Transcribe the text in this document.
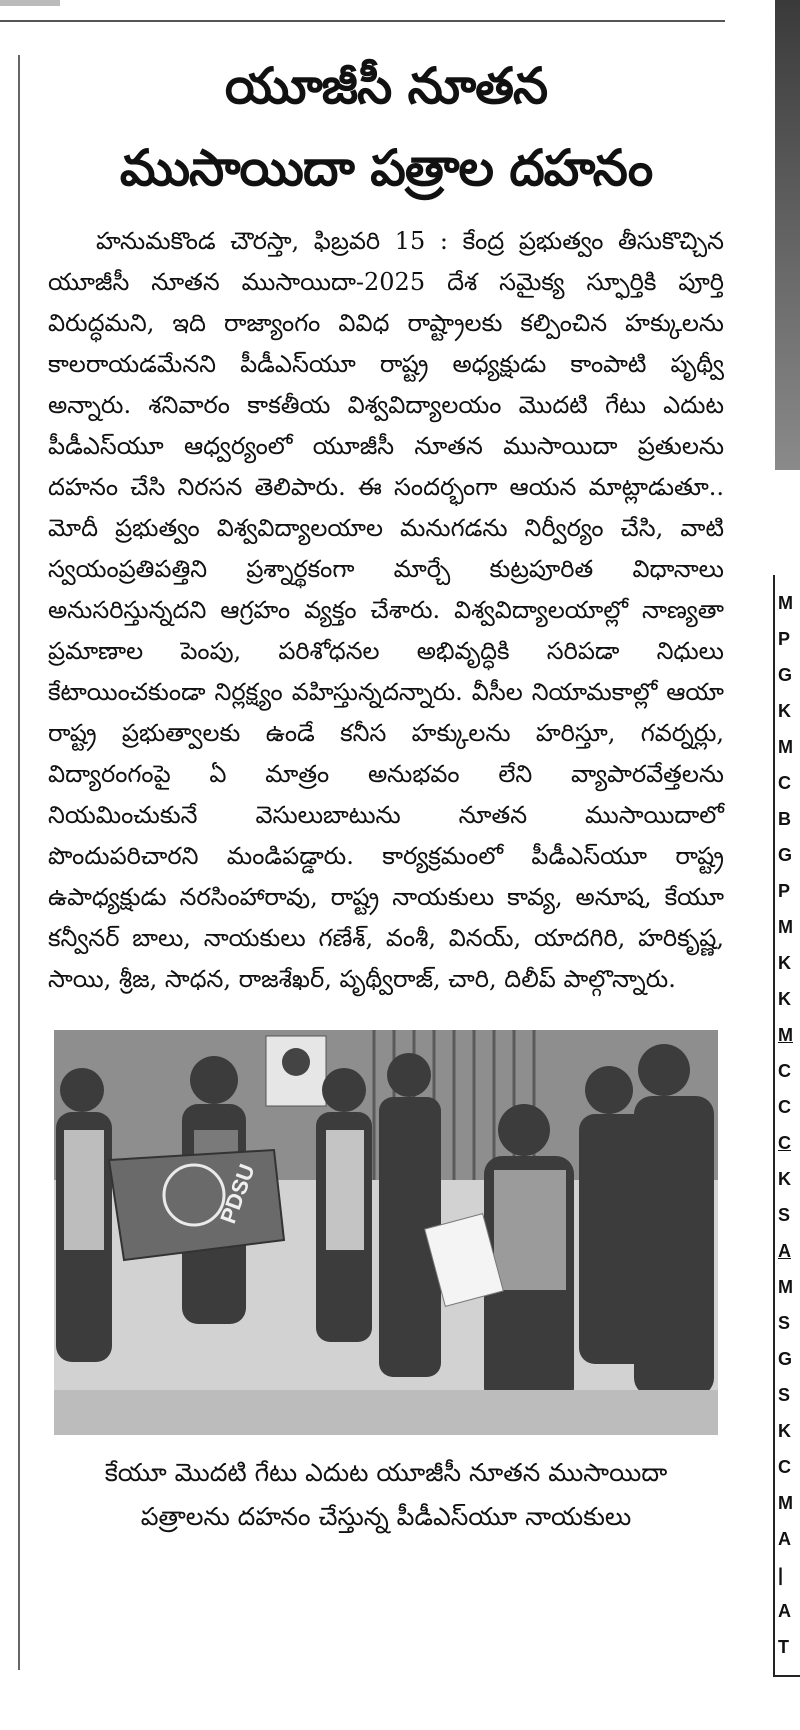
యూజీసీ నూతన
ముసాయిదా పత్రాల దహనం
హనుమకొండ చౌరస్తా, ఫిబ్రవరి 15 : కేంద్ర ప్రభుత్వం తీసుకొచ్చిన యూజీసీ నూతన ముసాయిదా-2025 దేశ సమైక్య స్ఫూర్తికి పూర్తి విరుద్ధమని, ఇది రాజ్యాంగం వివిధ రాష్ట్రాలకు కల్పించిన హక్కులను కాలరాయడమేనని పీడీఎస్‌యూ రాష్ట్ర అధ్యక్షుడు కాంపాటి పృథ్వీ అన్నారు. శనివారం కాకతీయ విశ్వవిద్యాలయం మొదటి గేటు ఎదుట పీడీఎస్‌యూ ఆధ్వర్యంలో యూజీసీ నూతన ముసాయిదా ప్రతులను దహనం చేసి నిరసన తెలిపారు. ఈ సందర్భంగా ఆయన మాట్లాడుతూ.. మోదీ ప్రభుత్వం విశ్వవిద్యాలయాల మనుగడను నిర్వీర్యం చేసి, వాటి స్వయంప్రతిపత్తిని ప్రశ్నార్థకంగా మార్చే కుట్రపూరిత విధానాలు అనుసరిస్తున్నదని ఆగ్రహం వ్యక్తం చేశారు. విశ్వవిద్యాలయాల్లో నాణ్యతా ప్రమాణాల పెంపు, పరిశోధనల అభివృద్ధికి సరిపడా నిధులు కేటాయించకుండా నిర్లక్ష్యం వహిస్తున్నదన్నారు. వీసీల నియామకాల్లో ఆయా రాష్ట్ర ప్రభుత్వాలకు ఉండే కనీస హక్కులను హరిస్తూ, గవర్నర్లు, విద్యారంగంపై ఏ మాత్రం అనుభవం లేని వ్యాపారవేత్తలను నియమించుకునే వెసులుబాటును నూతన ముసాయిదాలో పొందుపరిచారని మండిపడ్డారు. కార్యక్రమంలో పీడీఎస్‌యూ రాష్ట్ర ఉపాధ్యక్షుడు నరసింహారావు, రాష్ట్ర నాయకులు కావ్య, అనూష, కేయూ కన్వీనర్ బాలు, నాయకులు గణేశ్, వంశీ, వినయ్, యాదగిరి, హరికృష్ణ, సాయి, శ్రీజ, సాధన, రాజశేఖర్, పృథ్వీరాజ్, చారి, దిలీప్ పాల్గొన్నారు.
PDSU
కేయూ మొదటి గేటు ఎదుట యూజీసీ నూతన ముసాయిదా
పత్రాలను దహనం చేస్తున్న పీడీఎస్‌యూ నాయకులు
M
P
G
K
M
C
B
G
P
M
K
K
M
C
C
C
K
S
A
M
S
G
S
K
C
M
A
|
A
T
